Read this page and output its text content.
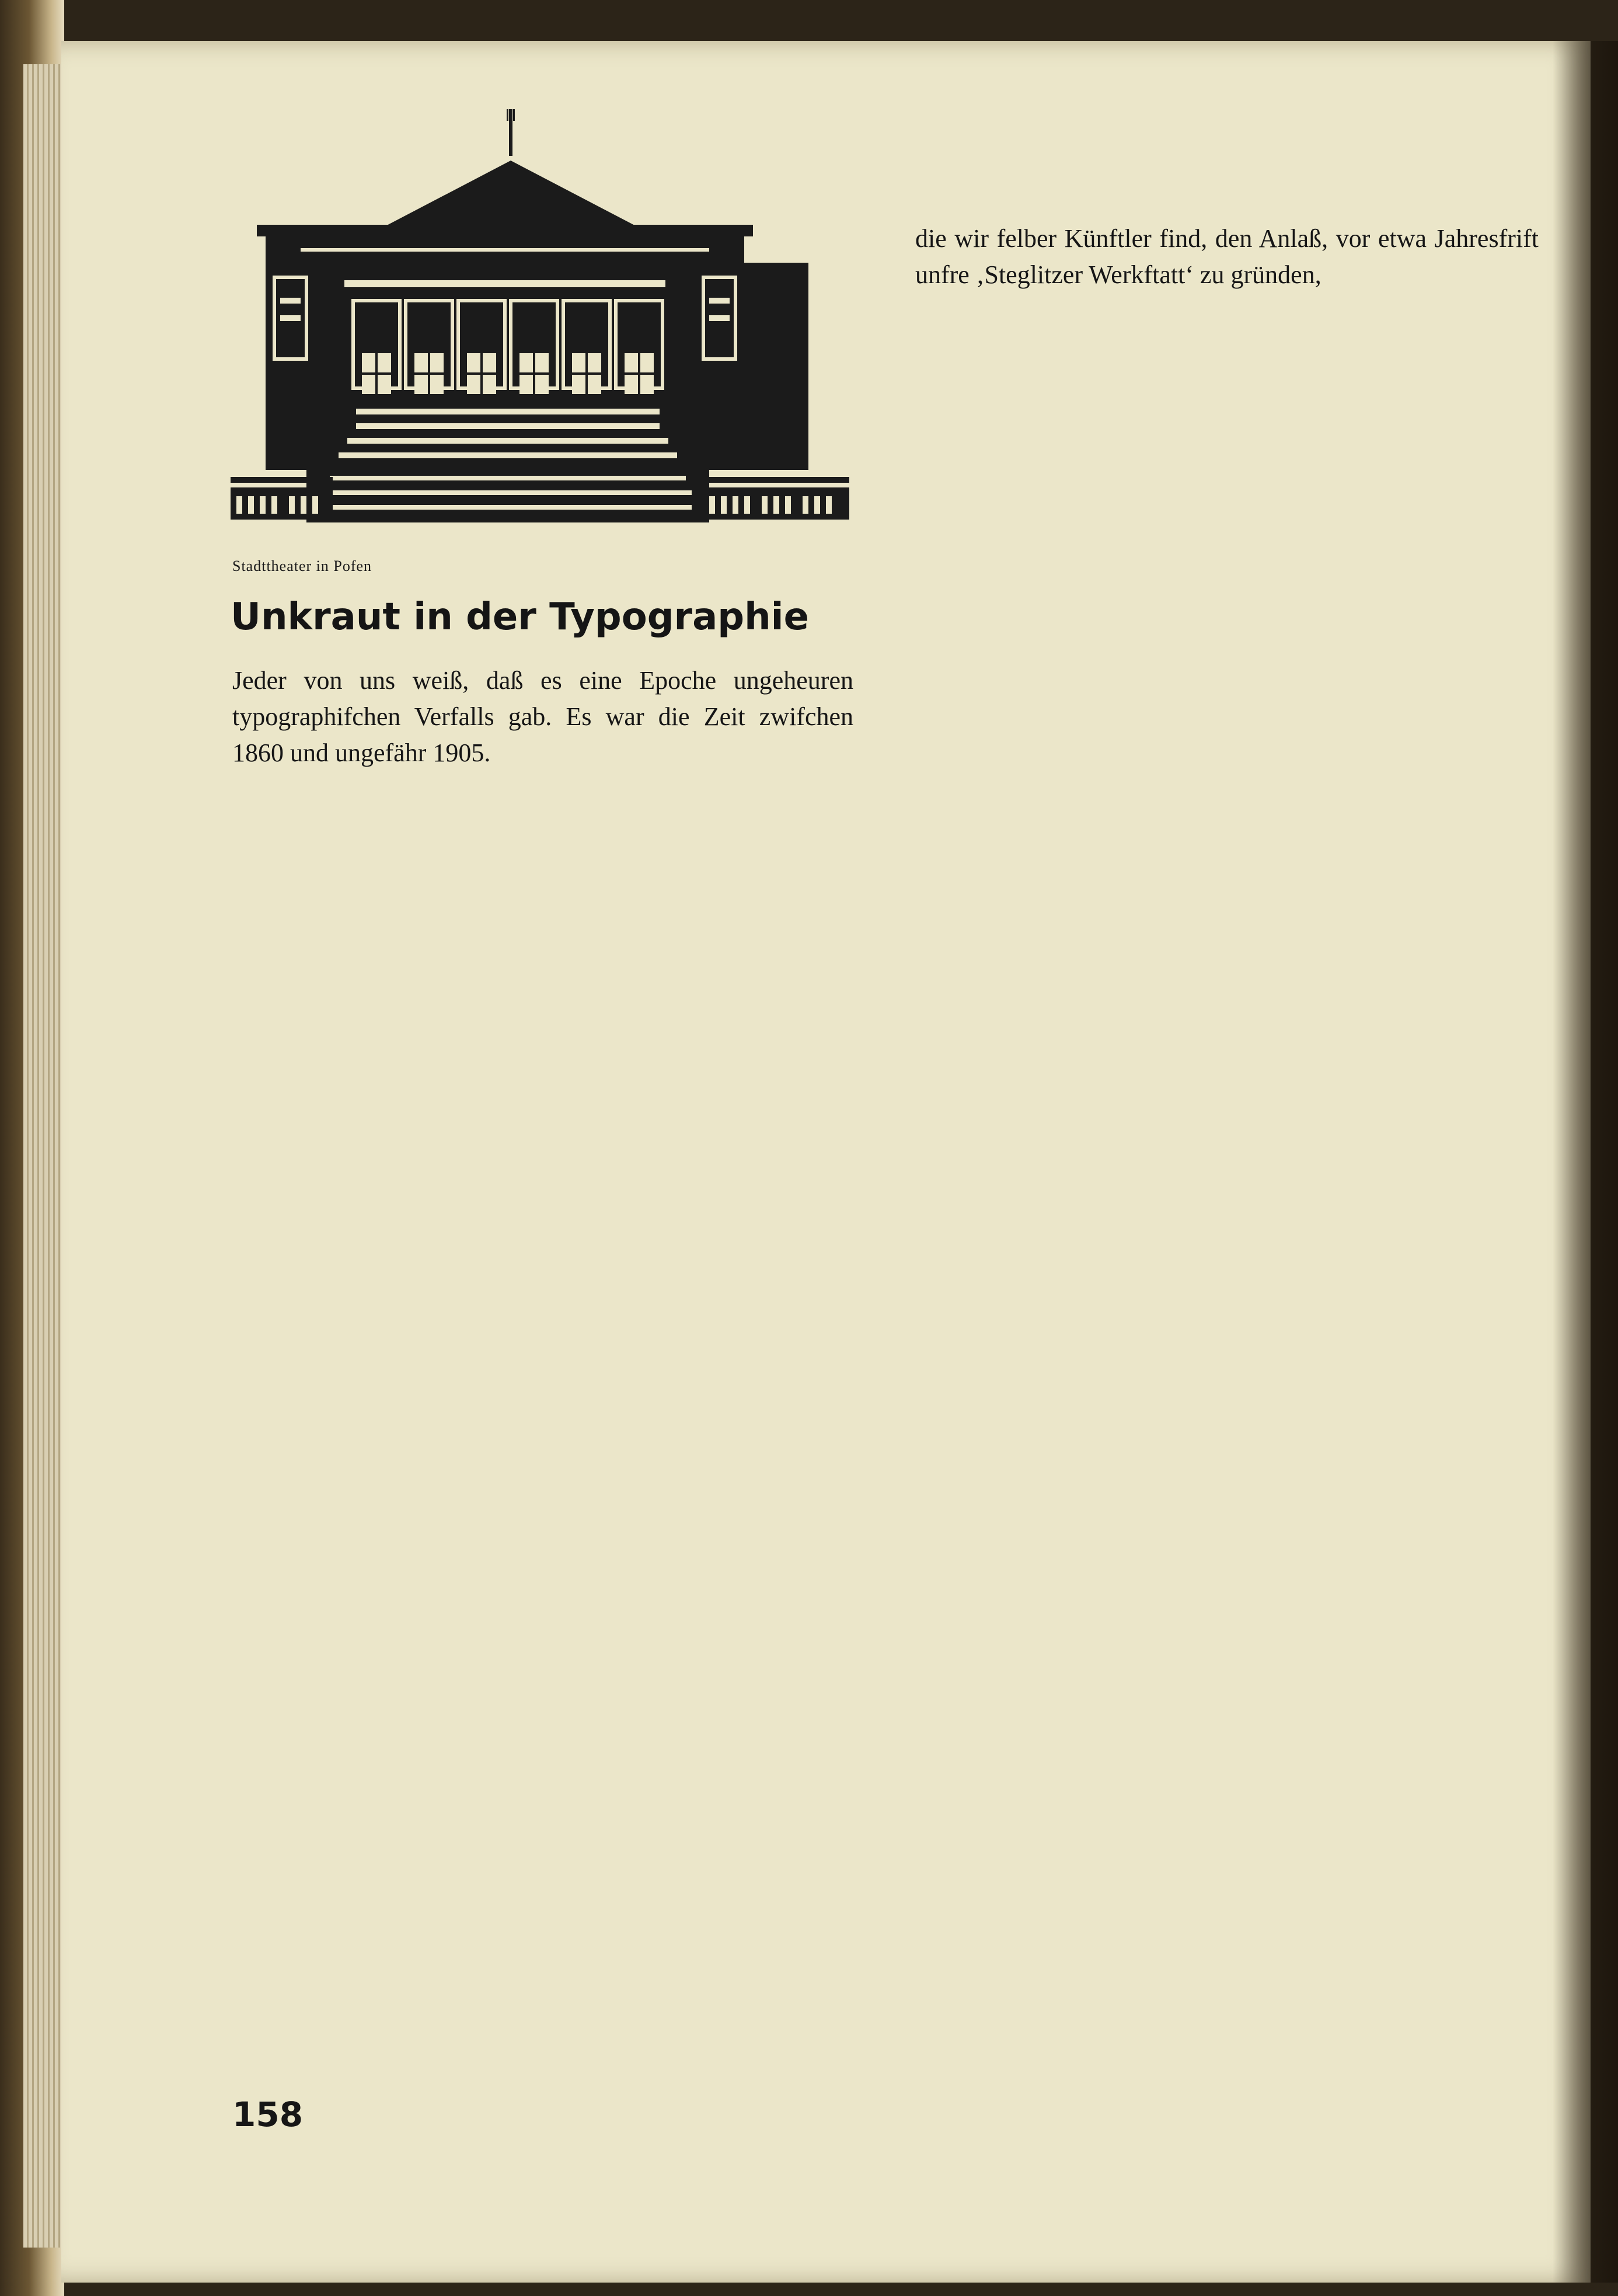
Stadttheater in Pofen
Unkraut in der Typographie
Jeder von uns weiß, daß es eine Epoche ungeheuren typographifchen Verfalls gab. Es war die Zeit zwifchen 1860 und ungefähr 1905.
die wir felber Künftler find, den Anlaß, vor etwa Jahresfrift unfre ‚Steglitzer Werkftatt‘ zu gründen,
158
